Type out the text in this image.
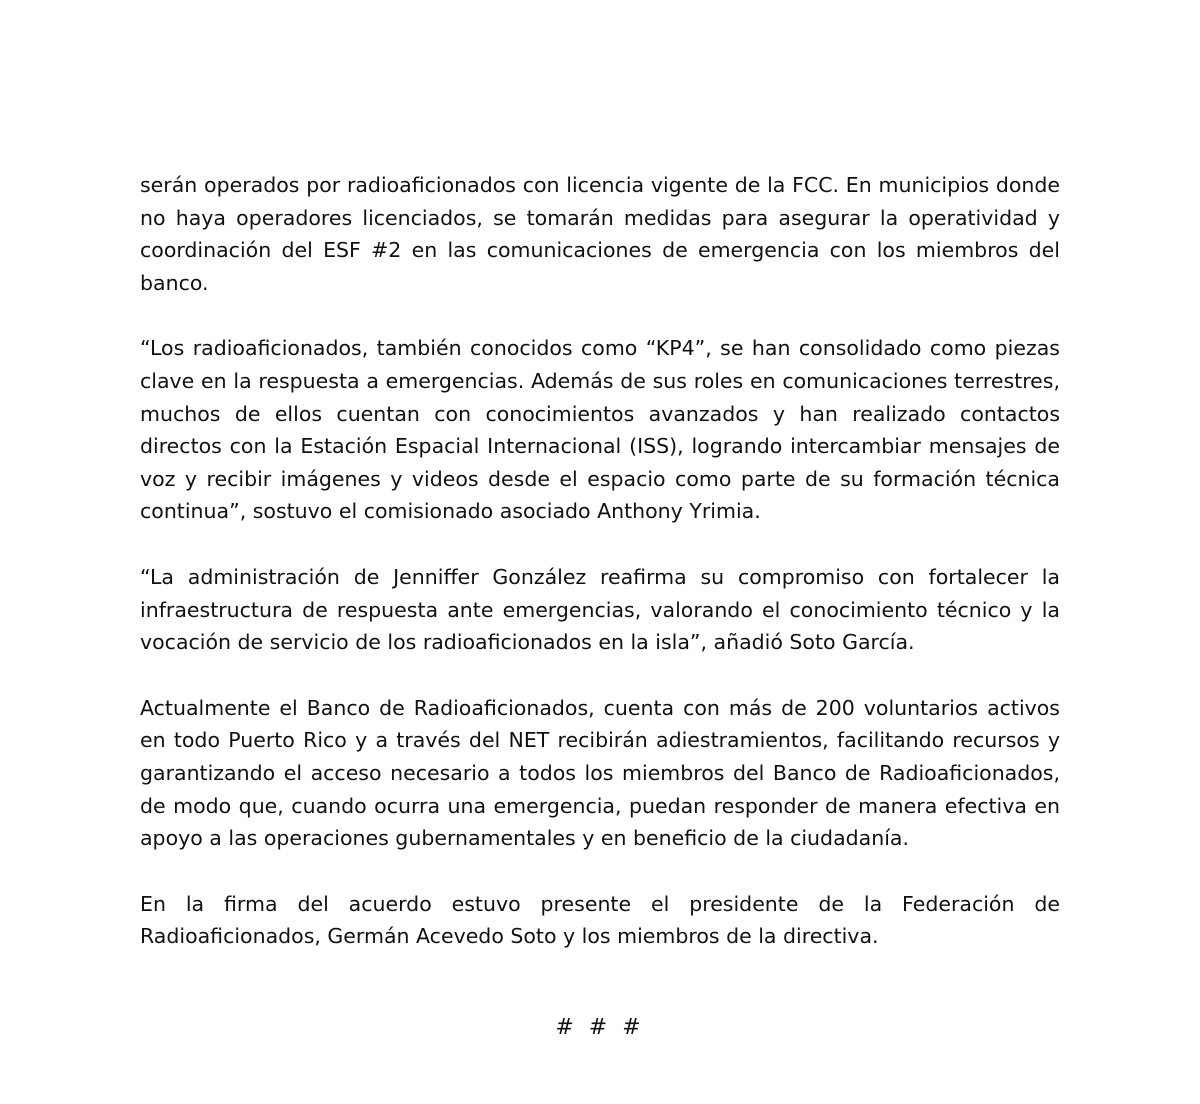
serán operados por radioaficionados con licencia vigente de la FCC. En municipios donde no haya operadores licenciados, se tomarán medidas para asegurar la operatividad y coordinación del ESF #2 en las comunicaciones de emergencia con los miembros del banco.

“Los radioaficionados, también conocidos como “KP4”, se han consolidado como piezas clave en la respuesta a emergencias. Además de sus roles en comunicaciones terrestres, muchos de ellos cuentan con conocimientos avanzados y han realizado contactos directos con la Estación Espacial Internacional (ISS), logrando intercambiar mensajes de voz y recibir imágenes y videos desde el espacio como parte de su formación técnica continua”, sostuvo el comisionado asociado Anthony Yrimia.

“La administración de Jenniffer González reafirma su compromiso con fortalecer la infraestructura de respuesta ante emergencias, valorando el conocimiento técnico y la vocación de servicio de los radioaficionados en la isla”, añadió Soto García.

Actualmente el Banco de Radioaficionados, cuenta con más de 200 voluntarios activos en todo Puerto Rico y a través del NET recibirán adiestramientos, facilitando recursos y garantizando el acceso necesario a todos los miembros del Banco de Radioaficionados, de modo que, cuando ocurra una emergencia, puedan responder de manera efectiva en apoyo a las operaciones gubernamentales y en beneficio de la ciudadanía.

En la firma del acuerdo estuvo presente el presidente de la Federación de Radioaficionados, Germán Acevedo Soto y los miembros de la directiva.

# # #
